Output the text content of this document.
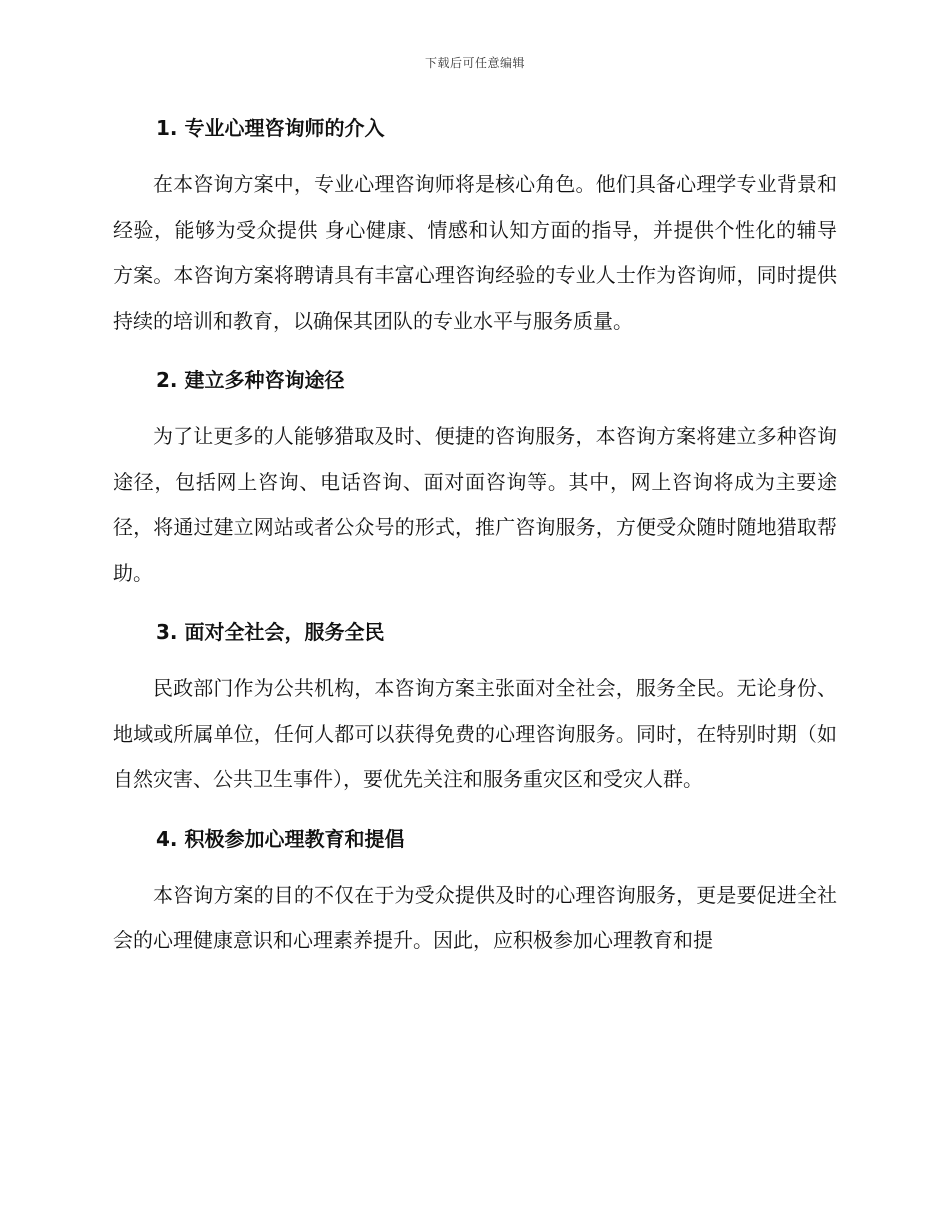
下载后可任意编辑
1. 专业心理咨询师的介入

在本咨询方案中，专业心理咨询师将是核心角色。他们具备心理学专业背景和经验，能够为受众提供 身心健康、情感和认知方面的指导，并提供个性化的辅导方案。本咨询方案将聘请具有丰富心理咨询经验的专业人士作为咨询师，同时提供持续的培训和教育，以确保其团队的专业水平与服务质量。

2. 建立多种咨询途径

为了让更多的人能够猎取及时、便捷的咨询服务，本咨询方案将建立多种咨询途径，包括网上咨询、电话咨询、面对面咨询等。其中，网上咨询将成为主要途径，将通过建立网站或者公众号的形式，推广咨询服务，方便受众随时随地猎取帮助。

3. 面对全社会，服务全民

民政部门作为公共机构，本咨询方案主张面对全社会，服务全民。无论身份、地域或所属单位，任何人都可以获得免费的心理咨询服务。同时，在特别时期（如自然灾害、公共卫生事件），要优先关注和服务重灾区和受灾人群。

4. 积极参加心理教育和提倡

本咨询方案的目的不仅在于为受众提供及时的心理咨询服务，更是要促进全社会的心理健康意识和心理素养提升。因此，应积极参加心理教育和提
